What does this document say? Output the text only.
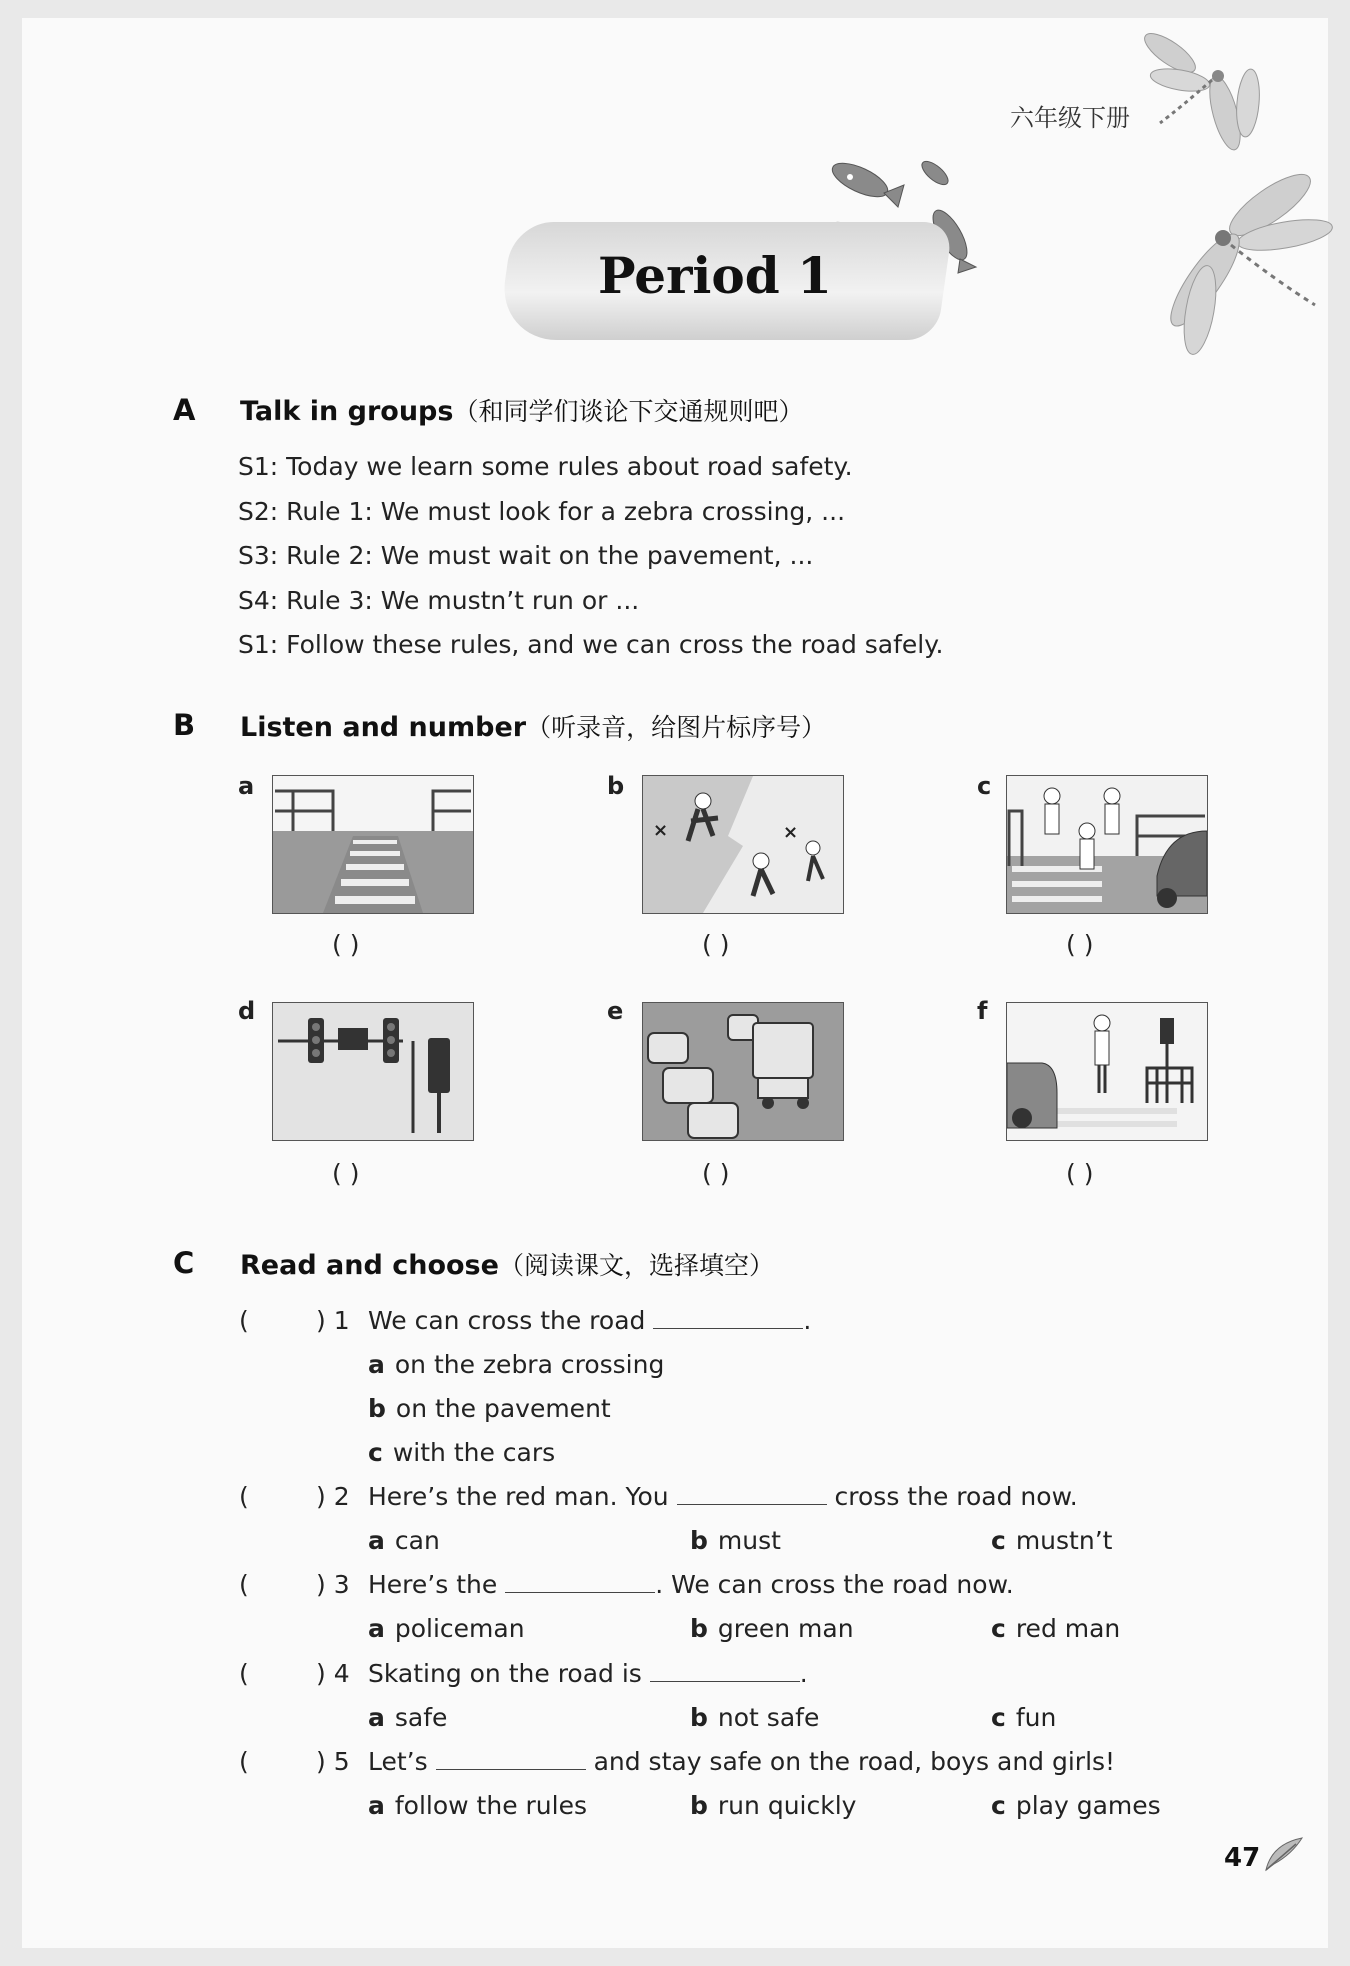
六年级下册
Period 1
A Talk in groups（和同学们谈论下交通规则吧）
S1: Today we learn some rules about road safety.
S2: Rule 1: We must look for a zebra crossing, ...
S3: Rule 2: We must wait on the pavement, ...
S4: Rule 3: We mustn’t run or ...
S1: Follow these rules, and we can cross the road safely.
B Listen and number（听录音，给图片标序号）
a
( )
b
×	×
( )
c
( )
d
( )
e
( )
f
( )
C Read and choose（阅读课文，选择填空）
(	) 1 We can cross the road	.
a on the zebra crossing
b on the pavement
c with the cars
(	) 2 Here’s the red man. You	cross the road now.
a can	b must	c mustn’t
(	) 3 Here’s the	. We can cross the road now.
a policeman	b green man	c red man
(	) 4 Skating on the road is	.
a safe	b not safe	c fun
(	) 5 Let’s	and stay safe on the road, boys and girls!
a follow the rules	b run quickly	c play games
47
